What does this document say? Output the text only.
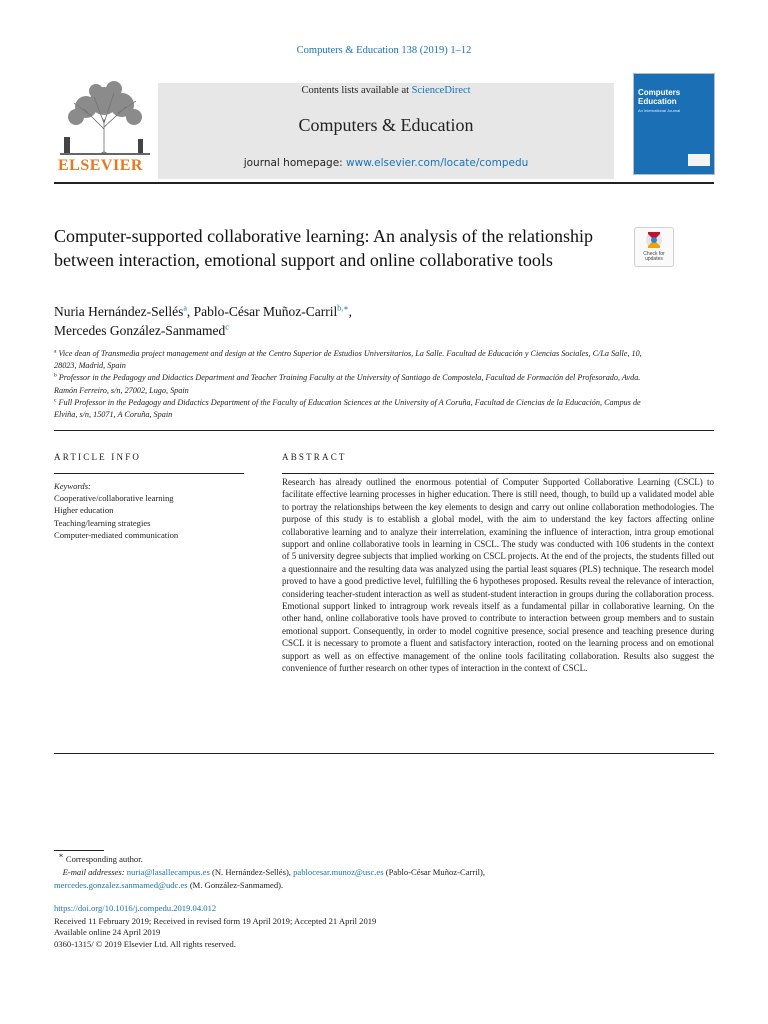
Computers & Education 138 (2019) 1–12
ELSEVIER
Contents lists available at ScienceDirect
Computers & Education
journal homepage: www.elsevier.com/locate/compedu
Computers
Education
An International Journal
Computer-supported collaborative learning: An analysis of the relationship between interaction, emotional support and online collaborative tools	Check for
updates
Nuria Hernández-Sellés$^a$, Pablo-César Muñoz-Carril$^{b,∗}$,
Mercedes González-Sanmamed$^c$

$^a$ Vice dean of Transmedia project management and design at the Centro Superior de Estudios Universitarios, La Salle. Facultad de Educación y Ciencias Sociales, C/La Salle, 10, 28023, Madrid, Spain

$^b$ Professor in the Pedagogy and Didactics Department and Teacher Training Faculty at the University of Santiago de Compostela, Facultad de Formación del Profesorado, Avda. Ramón Ferreiro, s/n, 27002, Lugo, Spain

$^c$ Full Professor in the Pedagogy and Didactics Department of the Faculty of Education Sciences at the University of A Coruña, Facultad de Ciencias de la Educación, Campus de Elviña, s/n, 15071, A Coruña, Spain

ARTICLE INFO	ABSTRACT
Keywords:
Cooperative/collaborative learning
Higher education
Teaching/learning strategies
Computer-mediated communication
Research has already outlined the enormous potential of Computer Supported Collaborative Learning (CSCL) to facilitate effective learning processes in higher education. There is still need, though, to build up a validated model able to portray the relationships between the key elements to design and carry out online collaboration methodologies. The purpose of this study is to establish a global model, with the aim to understand the key factors affecting online collaborative learning and to analyze their interrelation, examining the influence of interaction, intra group emotional support and online collaborative tools in learning in CSCL. The study was conducted with 106 students in the context of 5 university degree subjects that implied working on CSCL projects. At the end of the projects, the students filled out a questionnaire and the resulting data was analyzed using the partial least squares (PLS) technique. The research model proved to have a good predictive level, fulfilling the 6 hypotheses proposed. Results reveal the relevance of interaction, considering teacher-student interaction as well as student-student interaction in groups during the collaboration process. Emotional support linked to intragroup work reveals itself as a fundamental pillar in collaborative learning. On the other hand, online collaborative tools have proved to contribute to interaction between group members and to sustain emotional support. Consequently, in order to model cognitive presence, social presence and teaching presence during CSCL it is necessary to promote a fluent and satisfactory interaction, rooted on the learning process and on emotional support as well as on effective management of the online tools facilitating collaboration. Results also suggest the convenience of further research on other types of interaction in the context of CSCL.
∗ Corresponding author.
E-mail addresses: nuria@lasallecampus.es (N. Hernández-Sellés), pablocesar.munoz@usc.es (Pablo-César Muñoz-Carril),
mercedes.gonzalez.sanmamed@udc.es (M. González-Sanmamed).
https://doi.org/10.1016/j.compedu.2019.04.012
Received 11 February 2019; Received in revised form 19 April 2019; Accepted 21 April 2019
Available online 24 April 2019
0360-1315/ © 2019 Elsevier Ltd. All rights reserved.
